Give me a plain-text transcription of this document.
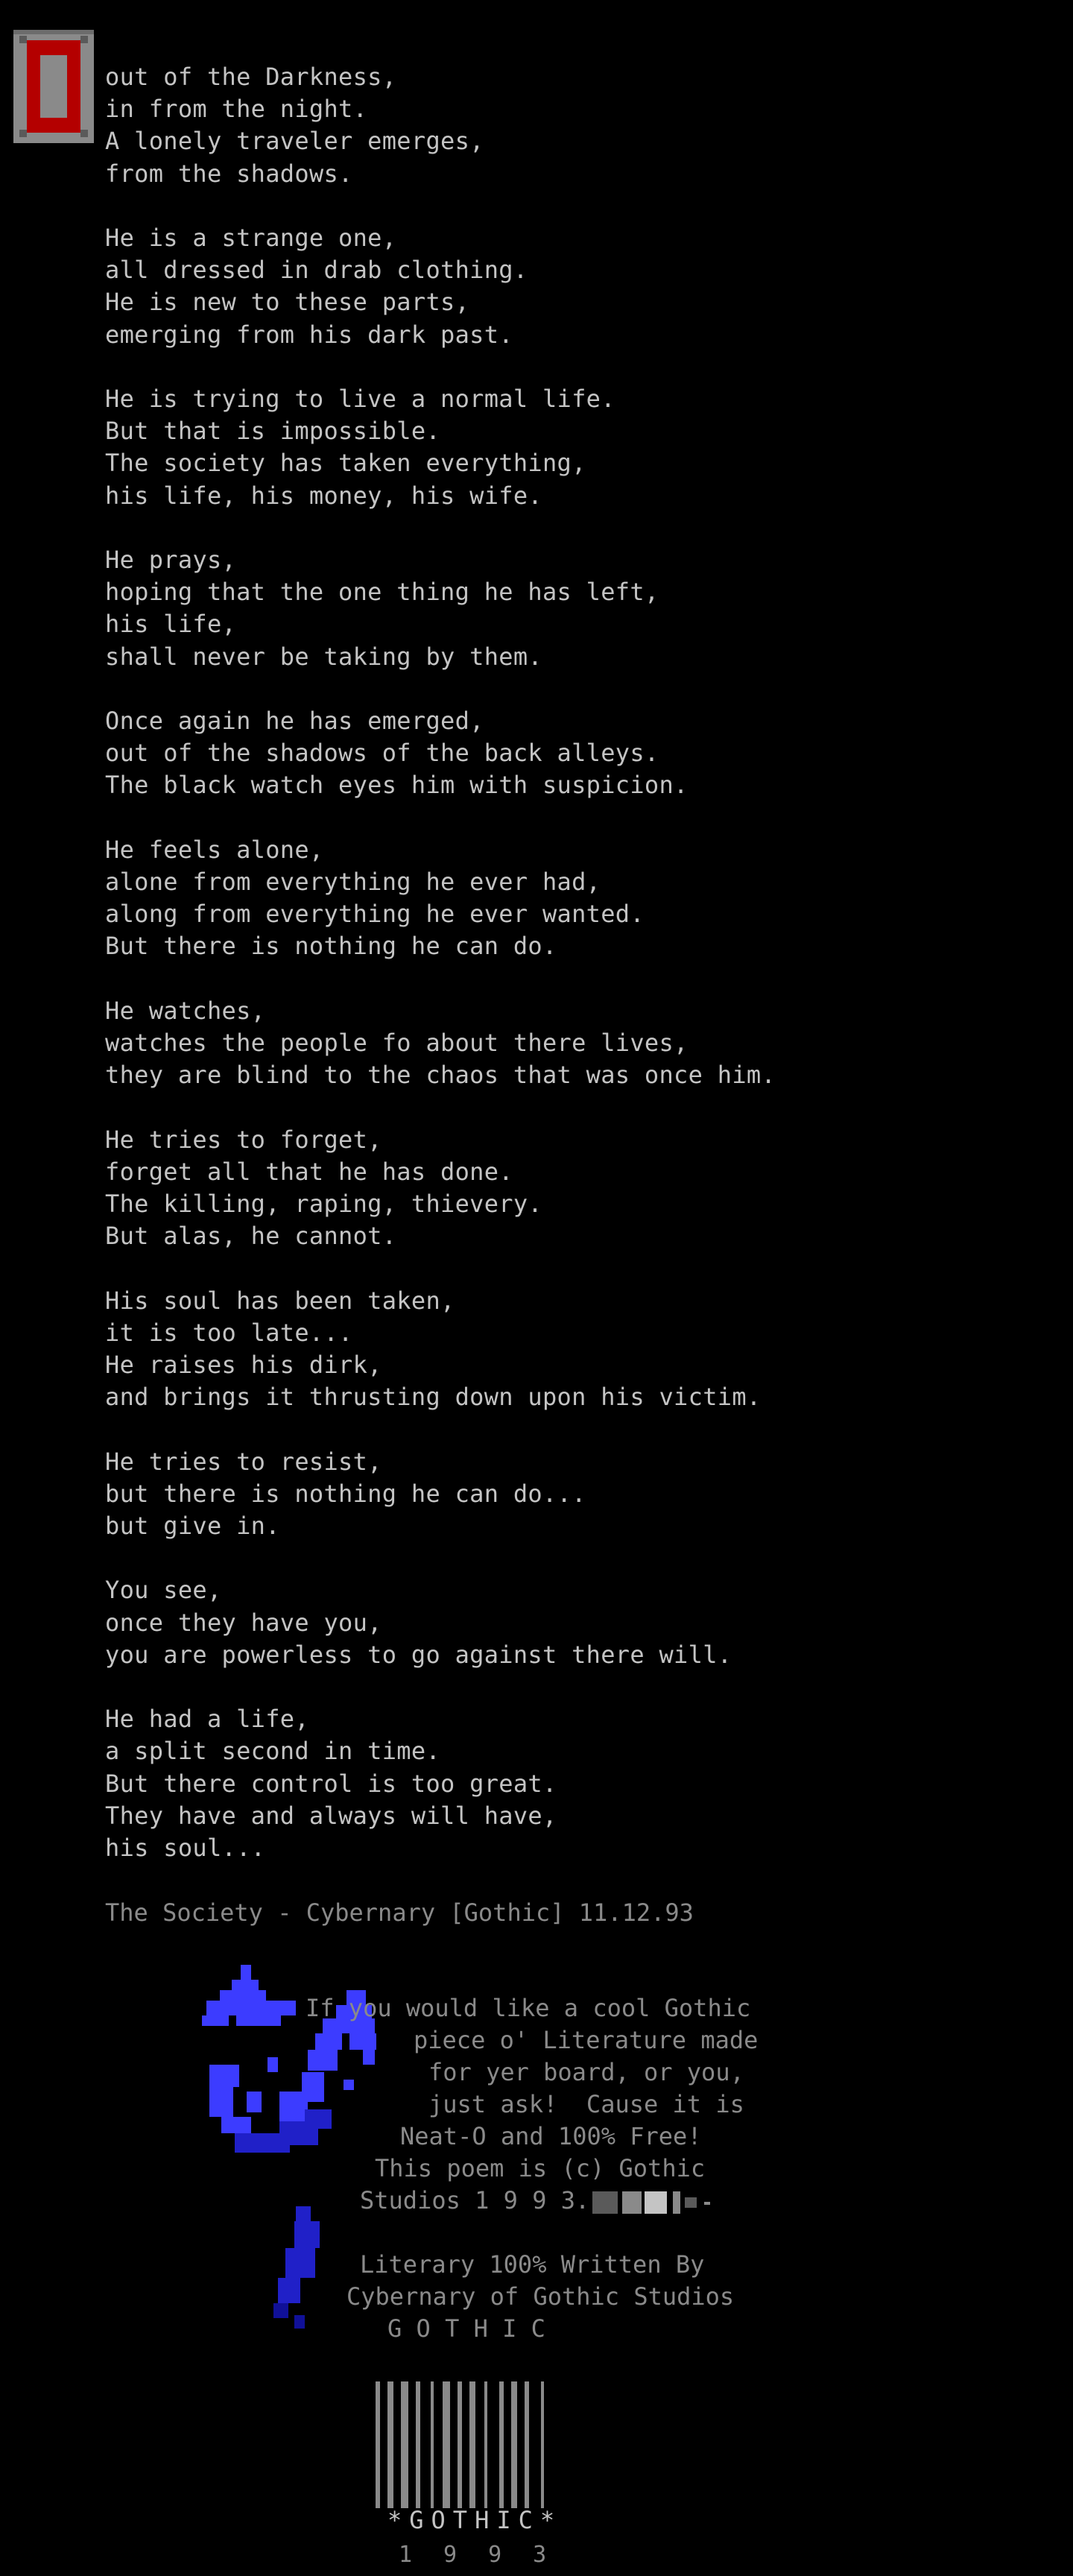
out of the Darkness,
in from the night.
A lonely traveler emerges,
from the shadows.
He is a strange one,
all dressed in drab clothing.
He is new to these parts,
emerging from his dark past.
He is trying to live a normal life.
But that is impossible.
The society has taken everything,
his life, his money, his wife.
He prays,
hoping that the one thing he has left,
his life,
shall never be taking by them.
Once again he has emerged,
out of the shadows of the back alleys.
The black watch eyes him with suspicion.
He feels alone,
alone from everything he ever had,
along from everything he ever wanted.
But there is nothing he can do.
He watches,
watches the people fo about there lives,
they are blind to the chaos that was once him.
He tries to forget,
forget all that he has done.
The killing, raping, thievery.
But alas, he cannot.
His soul has been taken,
it is too late...
He raises his dirk,
and brings it thrusting down upon his victim.
He tries to resist,
but there is nothing he can do...
but give in.
You see,
once they have you,
you are powerless to go against there will.
He had a life,
a split second in time.
But there control is too great.
They have and always will have,
his soul...
The Society - Cybernary [Gothic] 11.12.93

If you would like a cool Gothic

piece o' Literature made

for yer board, or you,

just ask!  Cause it is

Neat-O and 100% Free!

This poem is (c) Gothic

Studios 1 9 9 3.

Literary 100% Written By

Cybernary of Gothic Studios

G O T H I C

*GOTHIC*
1993
